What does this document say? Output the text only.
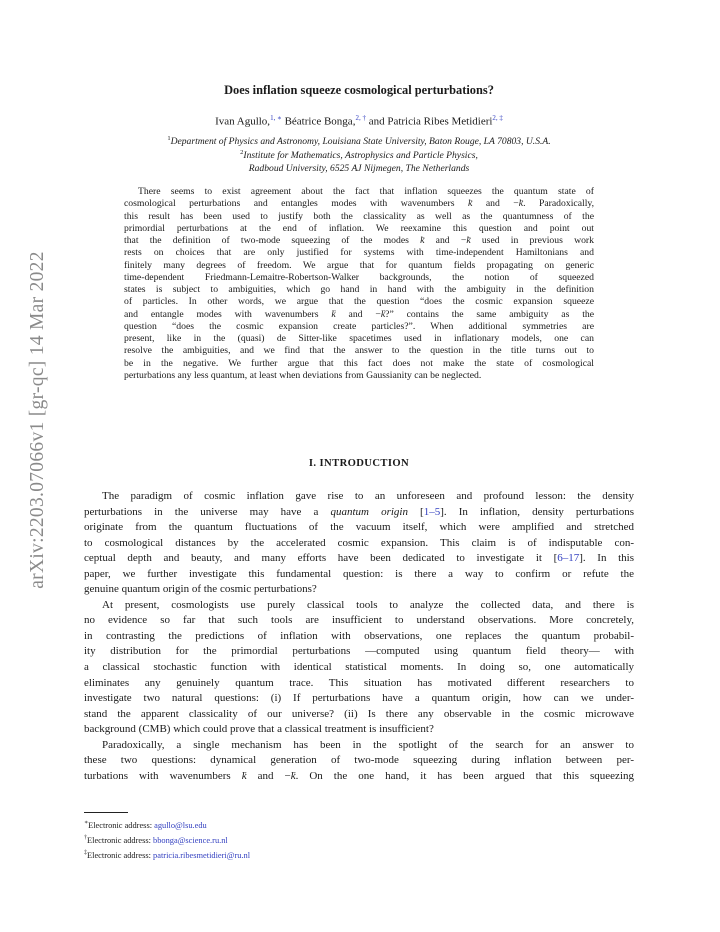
arXiv:2203.07066v1 [gr-qc] 14 Mar 2022
Does inflation squeeze cosmological perturbations?
Ivan Agullo,$^{1, ∗}$ Béatrice Bonga,$^{2, \dagger}$ and Patricia Ribes Metidieri$^{2, \ddagger}$
$^1$Department of Physics and Astronomy, Louisiana State University, Baton Rouge, LA 70803, U.S.A.
$^2$Institute for Mathematics, Astrophysics and Particle Physics,
Radboud University, 6525 AJ Nijmegen, The Netherlands
There seems to exist agreement about the fact that inflation squeezes the quantum state of
cosmological perturbations and entangles modes with wavenumbers → k and −→ k. Paradoxically,
this result has been used to justify both the classicality as well as the quantumness of the
primordial perturbations at the end of inflation. We reexamine this question and point out
that the definition of two-mode squeezing of the modes → k and −→ k used in previous work
rests on choices that are only justified for systems with time-independent Hamiltonians and
finitely many degrees of freedom. We argue that for quantum fields propagating on generic
time-dependent Friedmann-Lemaitre-Robertson-Walker backgrounds, the notion of squeezed
states is subject to ambiguities, which go hand in hand with the ambiguity in the definition
of particles. In other words, we argue that the question “does the cosmic expansion squeeze
and entangle modes with wavenumbers → k and −→ k?” contains the same ambiguity as the
question “does the cosmic expansion create particles?”. When additional symmetries are
present, like in the (quasi) de Sitter-like spacetimes used in inflationary models, one can
resolve the ambiguities, and we find that the answer to the question in the title turns out to
be in the negative. We further argue that this fact does not make the state of cosmological
perturbations any less quantum, at least when deviations from Gaussianity can be neglected.
I. INTRODUCTION
The paradigm of cosmic inflation gave rise to an unforeseen and profound lesson: the density
perturbations in the universe may have a quantum origin [1–5]. In inflation, density perturbations
originate from the quantum fluctuations of the vacuum itself, which were amplified and stretched
to cosmological distances by the accelerated cosmic expansion. This claim is of indisputable con-
ceptual depth and beauty, and many efforts have been dedicated to investigate it [6–17]. In this
paper, we further investigate this fundamental question: is there a way to confirm or refute the
genuine quantum origin of the cosmic perturbations?
At present, cosmologists use purely classical tools to analyze the collected data, and there is
no evidence so far that such tools are insufficient to understand observations. More concretely,
in contrasting the predictions of inflation with observations, one replaces the quantum probabil-
ity distribution for the primordial perturbations —computed using quantum field theory— with
a classical stochastic function with identical statistical moments. In doing so, one automatically
eliminates any genuinely quantum trace. This situation has motivated different researchers to
investigate two natural questions: (i) If perturbations have a quantum origin, how can we under-
stand the apparent classicality of our universe? (ii) Is there any observable in the cosmic microwave
background (CMB) which could prove that a classical treatment is insufficient?
Paradoxically, a single mechanism has been in the spotlight of the search for an answer to
these two questions: dynamical generation of two-mode squeezing during inflation between per-
turbations with wavenumbers → k and −→ k. On the one hand, it has been argued that this squeezing
∗Electronic address: agullo@lsu.edu
†Electronic address: bbonga@science.ru.nl
‡Electronic address: patricia.ribesmetidieri@ru.nl
